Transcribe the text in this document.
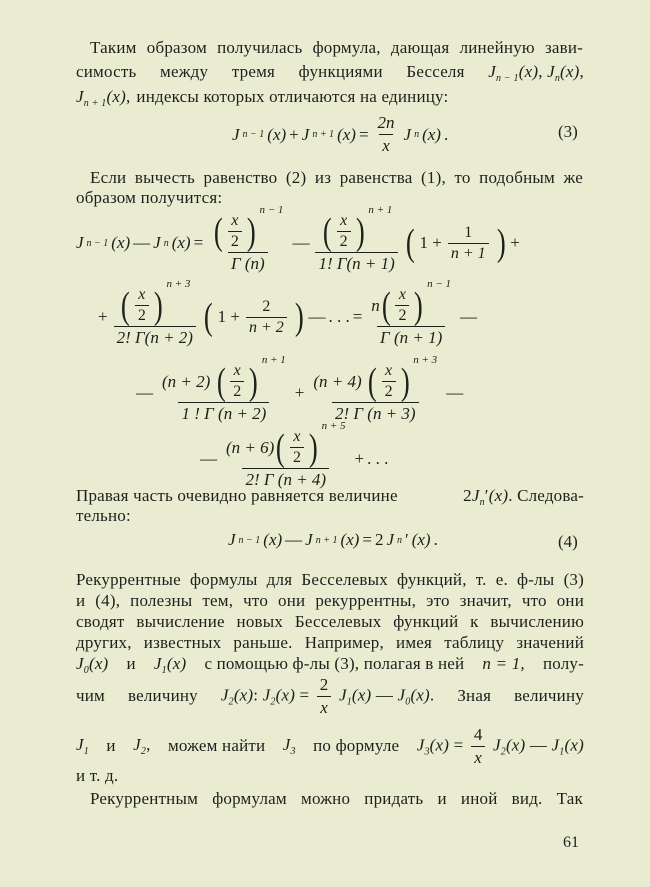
Таким образом получилась формула, дающая линейную зави-
симость между тремя функциями Бесселя $J_{n - 1}(x)$, $J_n(x)$,
$J_{n + 1}(x)$, индексы которых отличаются на единицу:
J n − 1 (x) + J n + 1 $(x) = \frac{2n}{x}$ J n (x) .	(3)
Если вычесть равенство (2) из равенства (1), то подобным же
образом получится:
J n − 1 (x) — J n (x) = ( $\frac{x}{2}$ )
$^{n - 1}$
Γ (n) — ( $\frac{x}{2}$ )
$^{n + 1}$
1! Γ(n + 1) ( $1 + \frac{1}{n + 1}$ ) +
+ ( $\frac{x}{2}$ )
$^{n + 3}$
2! Γ(n + 2) ( $1 + \frac{2}{n + 2}$ ) — . . . = n ( $\frac{x}{2}$ )
$^{n - 1}$
Γ (n + 1) —
— (n + 2)
( $\frac{x}{2}$ )
$^{n + 1}$
1 ! Γ (n + 2) + (n + 4)
( $\frac{x}{2}$ )
$^{n + 3}$
2! Γ (n + 3) —
— (n + 6) ( $\frac{x}{2}$ )
$^{n + 5}$
2! Γ (n + 4) + . . .
Правая часть очевидно равняется величине	$2J_n'(x)$. Следова-
тельно:
J n − 1 (x) — J n + 1 (x) = 2 J n ′ (x) .	(4)
Рекуррентные формулы для Бесселевых функций, т. е. ф-лы (3)
и (4), полезны тем, что они рекуррентны, это значит, что они
сводят вычисление новых Бесселевых функций к вычислению
других, известных раньше. Например, имея таблицу значений
$J_0(x)$ и $J_1(x)$ с помощью ф-лы (3), полагая в ней n = 1, полу-
чим величину $J_2(x)$: $J_2(x) = \frac{2}{x} J_1(x)$ — $J_0(x)$. Зная величину
$J_1$ и $J_2$, можем найти $J_3$ по формуле $J_3(x) = \frac{4}{x} J_2(x)$ — $J_1(x)$
и т. д.
Рекуррентным формулам можно придать и иной вид. Так
61
